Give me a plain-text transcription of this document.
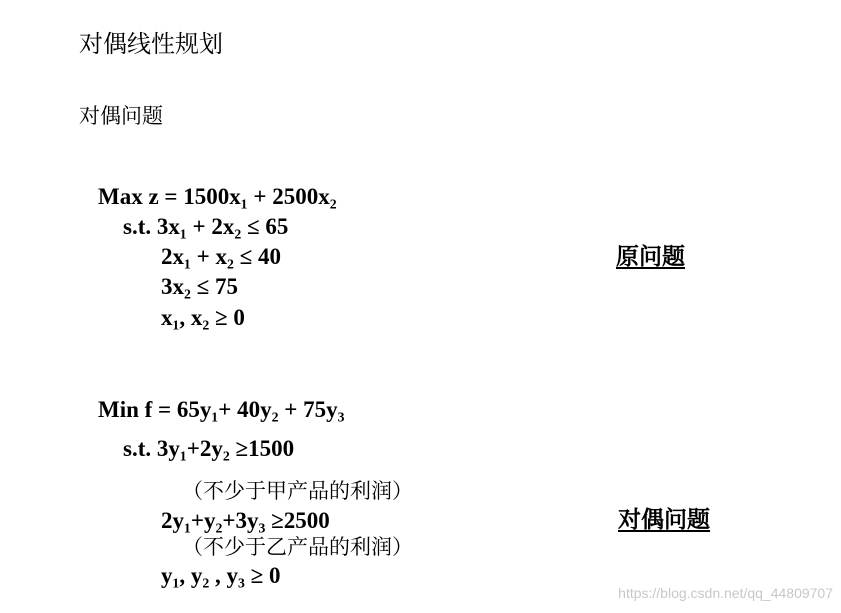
对偶线性规划
对偶问题
Max z = 1500x₁ + 2500x₂
s.t. 3x₁ + 2x₂ ≤ 65
2x₁ + x₂ ≤ 40
3x₂ ≤ 75
x₁, x₂ ≥ 0
原问题
Min f = 65y₁+ 40y₂ + 75y₃
s.t. 3y₁+2y₂ ≥1500
（不少于甲产品的利润）
2y₁+y₂+3y₃ ≥2500
（不少于乙产品的利润）
y₁, y₂ , y₃ ≥ 0
对偶问题
https://blog.csdn.net/qq_44809707
